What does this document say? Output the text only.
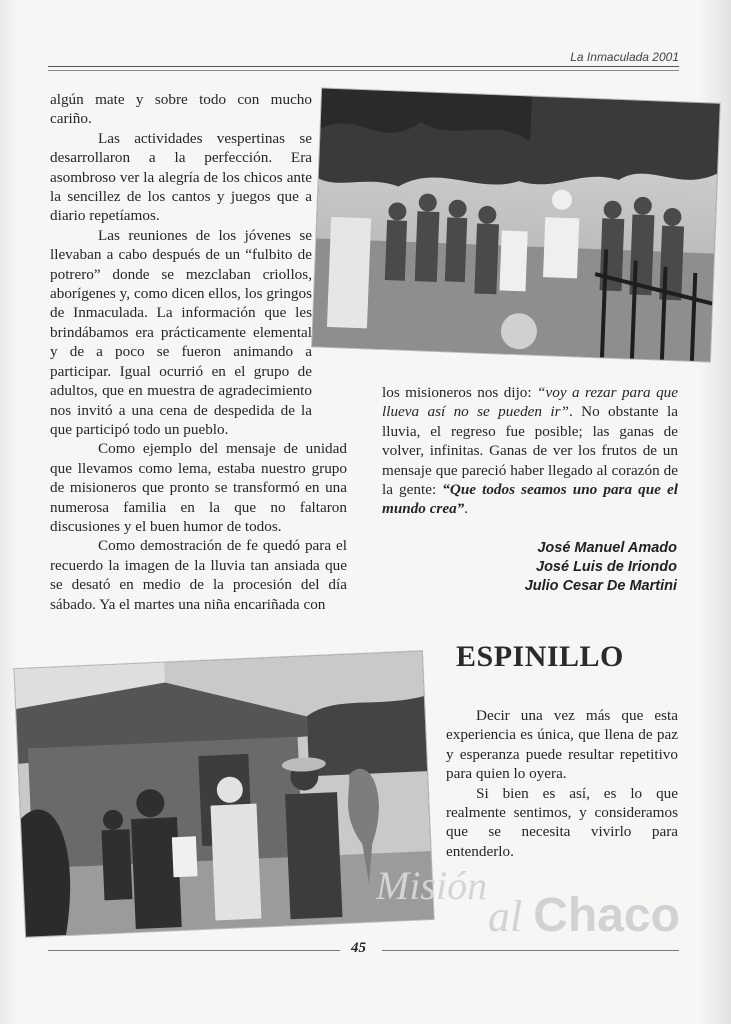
La Inmaculada 2001

algún mate y sobre todo con mucho cariño.

Las actividades vespertinas se desarrollaron a la perfección. Era asombroso ver la alegría de los chicos ante la sencillez de los cantos y juegos que a diario repetíamos.

Las reuniones de los jóvenes se llevaban a cabo después de un “fulbito de potrero” donde se mezclaban criollos, aborígenes y, como dicen ellos, los gringos de Inmaculada. La información que les brindábamos era prácticamente elemental y de a poco se fueron animando a participar. Igual ocurrió en el grupo de adultos, que en muestra de agradecimiento nos invitó a una cena de despedida de la que participó todo un pueblo.

Como ejemplo del mensaje de unidad que llevamos como lema, estaba nuestro grupo de misioneros que pronto se transformó en una numerosa familia en la que no faltaron discusiones y el buen humor de todos.

Como demostración de fe quedó para el recuerdo la imagen de la lluvia tan ansiada que se desató en medio de la procesión del día sábado. Ya el martes una niña encariñada con

los misioneros nos dijo: “voy a rezar para que llueva así no se pueden ir”. No obstante la lluvia, el regreso fue posible; las ganas de volver, infinitas. Ganas de ver los frutos de un mensaje que pareció haber llegado al corazón de la gente: “Que todos seamos uno para que el mundo crea”.

José Manuel Amado
José Luis de Iriondo
Julio Cesar De Martini
ESPINILLO

Decir una vez más que esta experiencia es única, que llena de paz y esperanza puede resultar repetitivo para quien lo oyera.

Si bien es así, es lo que realmente sentimos, y consideramos que se necesita vivirlo para entenderlo.

Misión
al Chaco
45
